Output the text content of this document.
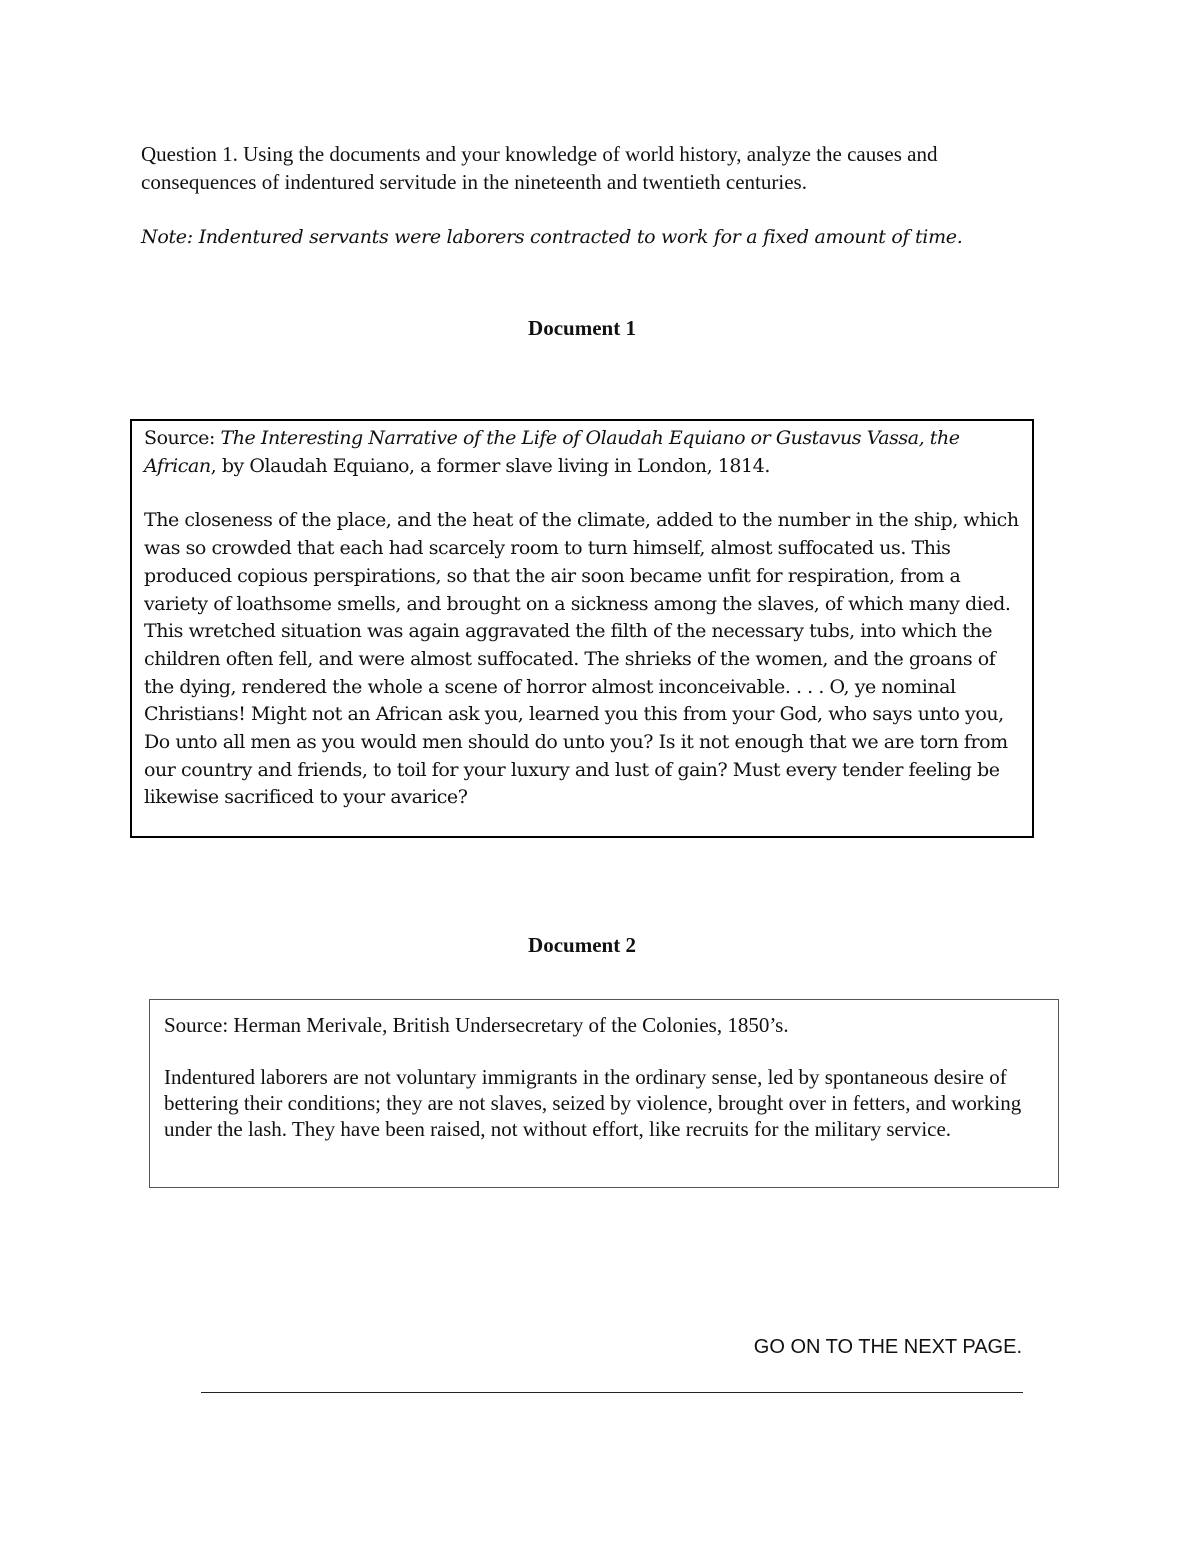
Question 1. Using the documents and your knowledge of world history, analyze the causes and consequences of indentured servitude in the nineteenth and twentieth centuries.

Note: Indentured servants were laborers contracted to work for a fixed amount of time.

Document 1

Source: The Interesting Narrative of the Life of Olaudah Equiano or Gustavus Vassa, the African, by Olaudah Equiano, a former slave living in London, 1814.

The closeness of the place, and the heat of the climate, added to the number in the ship, which was so crowded that each had scarcely room to turn himself, almost suffocated us. This produced copious perspirations, so that the air soon became unfit for respiration, from a variety of loathsome smells, and brought on a sickness among the slaves, of which many died. This wretched situation was again aggravated the filth of the necessary tubs, into which the children often fell, and were almost suffocated. The shrieks of the women, and the groans of the dying, rendered the whole a scene of horror almost inconceivable. . . . O, ye nominal Christians! Might not an African ask you, learned you this from your God, who says unto you, Do unto all men as you would men should do unto you? Is it not enough that we are torn from our country and friends, to toil for your luxury and lust of gain? Must every tender feeling be likewise sacrificed to your avarice?

Document 2

Source: Herman Merivale, British Undersecretary of the Colonies, 1850’s.

Indentured laborers are not voluntary immigrants in the ordinary sense, led by spontaneous desire of bettering their conditions; they are not slaves, seized by violence, brought over in fetters, and working under the lash. They have been raised, not without effort, like recruits for the military service.

GO ON TO THE NEXT PAGE.
